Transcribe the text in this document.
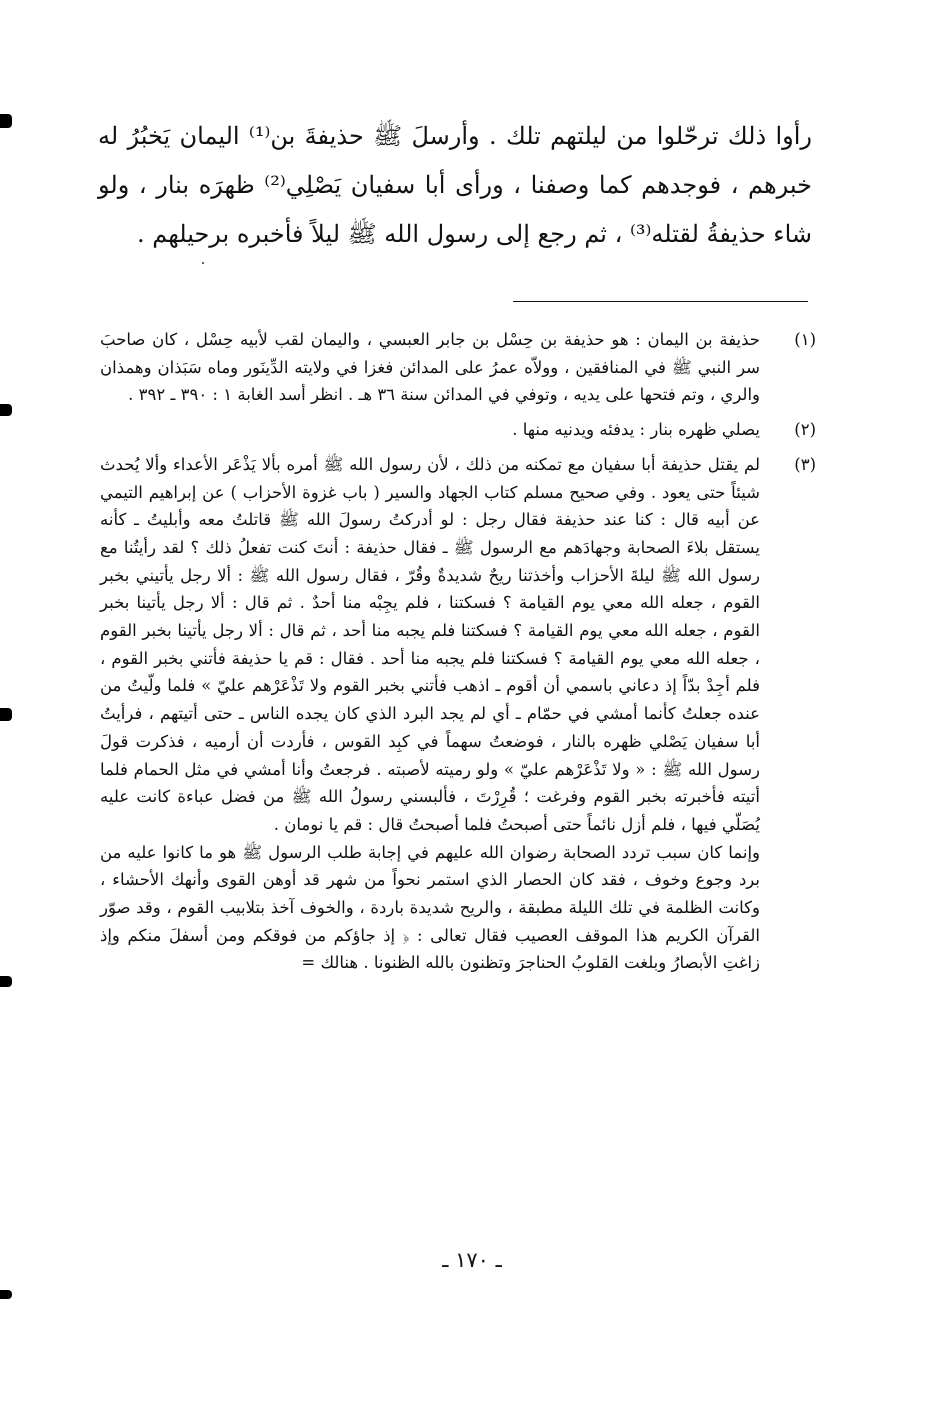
رأوا ذلك ترحّلوا من ليلتهم تلك . وأرسلَ ﷺ حذيفةَ بن⁽¹⁾ اليمان يَخبُرُ له خبرهم ، فوجدهم كما وصفنا ، ورأى أبا سفيان يَصْلِي⁽²⁾ ظهرَه بنار ، ولو شاء حذيفةُ لقتله⁽³⁾ ، ثم رجع إلى رسول الله ﷺ ليلاً فأخبره برحيلهم .

(١)

حذيفة بن اليمان : هو حذيفة بن حِسْل بن جابر العبسي ، واليمان لقب لأبيه حِسْل ، كان صاحبَ سر النبي ﷺ في المنافقين ، وولاّه عمرُ على المدائن فغزا في ولايته الدِّينَور وماه سَبَذان وهمذان والري ، وتم فتحها على يديه ، وتوفي في المدائن سنة ٣٦ هـ . انظر أسد الغابة ١ : ٣٩٠ ـ ٣٩٢ .

(٢)

يصلي ظهره بنار : يدفئه ويدنيه منها .

(٣)

لم يقتل حذيفة أبا سفيان مع تمكنه من ذلك ، لأن رسول الله ﷺ أمره بألا يَذْعَر الأعداء وألا يُحدث شيئاً حتى يعود . وفي صحيح مسلم كتاب الجهاد والسير ( باب غزوة الأحزاب ) عن إبراهيم التيمي عن أبيه قال : كنا عند حذيفة فقال رجل : لو أدركتُ رسولَ الله ﷺ قاتلتُ معه وأبليتُ ـ كأنه يستقل بلاءَ الصحابة وجهادَهم مع الرسول ﷺ ـ فقال حذيفة : أنتَ كنت تفعلُ ذلك ؟ لقد رأيتُنا مع رسول الله ﷺ ليلةَ الأحزاب وأخذتنا ريحٌ شديدةٌ وقُرّ ، فقال رسول الله ﷺ : ألا رجل يأتيني بخبر القوم ، جعله الله معي يوم القيامة ؟ فسكتنا ، فلم يجِبْه منا أحدٌ . ثم قال : ألا رجل يأتينا بخبر القوم ، جعله الله معي يوم القيامة ؟ فسكتنا فلم يجبه منا أحد ، ثم قال : ألا رجل يأتينا بخبر القوم ، جعله الله معي يوم القيامة ؟ فسكتنا فلم يجبه منا أحد . فقال : قم يا حذيفة فأتني بخبر القوم ، فلم أجِدْ بدّاً إذ دعاني باسمي أن أقوم ـ اذهب فأتني بخبر القوم ولا تَذْعَرْهم عليّ » فلما ولّيتُ من عنده جعلتُ كأنما أمشي في حمّام ـ أي لم يجد البرد الذي كان يجده الناس ـ حتى أتيتهم ، فرأيتُ أبا سفيان يَصْلي ظهره بالنار ، فوضعتُ سهماً في كبِد القوس ، فأردت أن أرميه ، فذكرت قولَ رسول الله ﷺ : « ولا تَذْعَرْهم عليّ » ولو رميته لأصبته . فرجعتُ وأنا أمشي في مثل الحمام فلما أتيته فأخبرته بخبر القوم وفرغت ؛ قُرِرْتَ ، فألبسني رسولُ الله ﷺ من فضل عباءة كانت عليه يُصَلّي فيها ، فلم أزل نائماً حتى أصبحتُ فلما أصبحتُ قال : قم يا نومان .

وإنما كان سبب تردد الصحابة رضوان الله عليهم في إجابة طلب الرسول ﷺ هو ما كانوا عليه من برد وجوع وخوف ، فقد كان الحصار الذي استمر نحواً من شهر قد أوهن القوى وأنهك الأحشاء ، وكانت الظلمة في تلك الليلة مطبقة ، والريح شديدة باردة ، والخوف آخذ بتلابيب القوم ، وقد صوّر القرآن الكريم هذا الموقف العصيب فقال تعالى : ﴿ إذ جاؤكم من فوقكم ومن أسفلَ منكم وإذ زاغتِ الأبصارُ وبلغت القلوبُ الحناجرَ وتظنون بالله الظنونا . هنالك =

ـ ١٧٠ ـ
